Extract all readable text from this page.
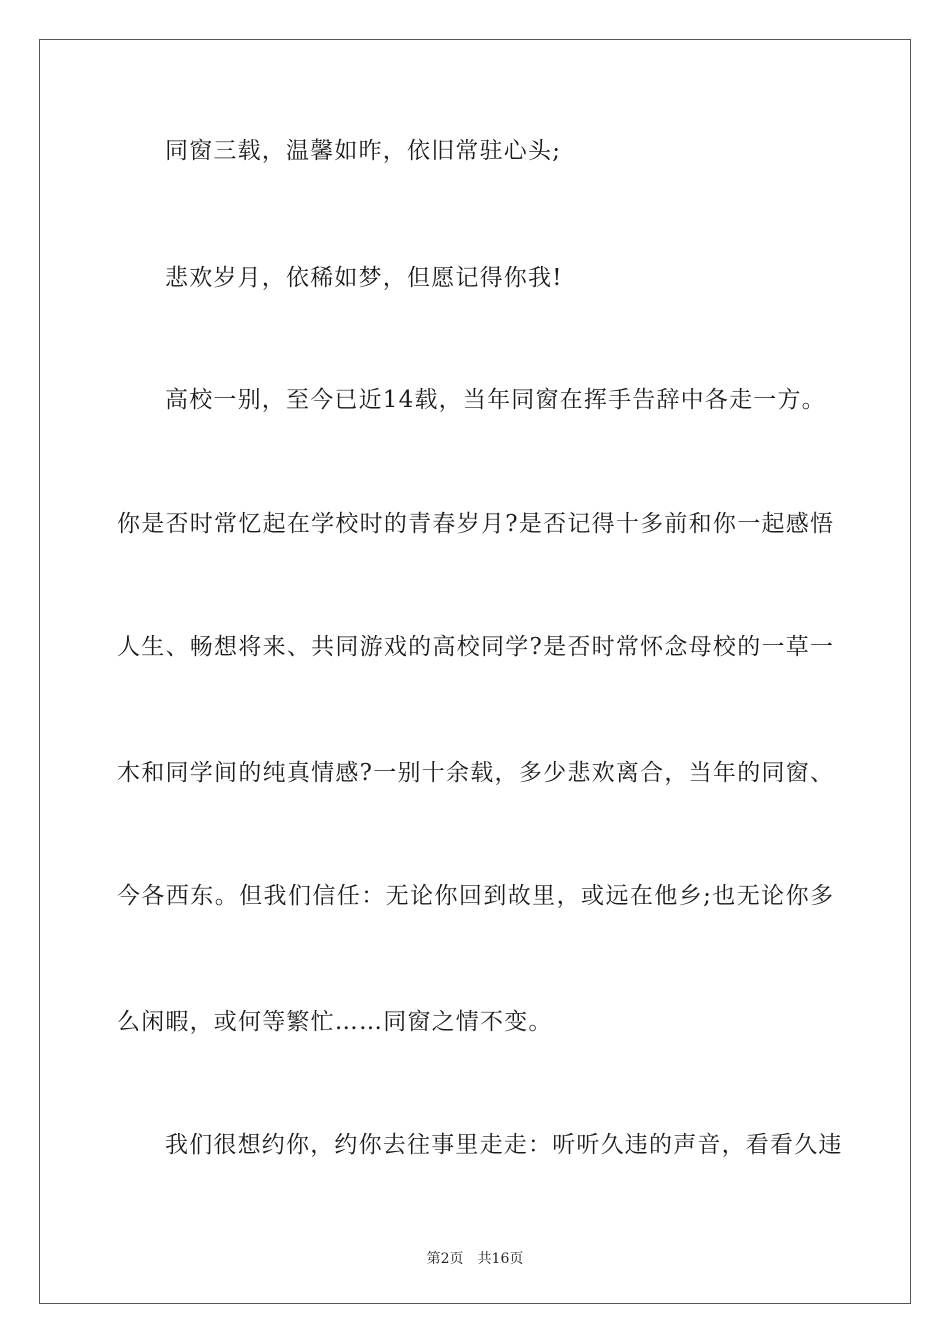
同窗三载，温馨如昨，依旧常驻心头;
悲欢岁月，依稀如梦，但愿记得你我!
高校一别，至今已近14载，当年同窗在挥手告辞中各走一方。
你是否时常忆起在学校时的青春岁月?是否记得十多前和你一起感悟
人生、畅想将来、共同游戏的高校同学?是否时常怀念母校的一草一
木和同学间的纯真情感?一别十余载，多少悲欢离合，当年的同窗、
今各西东。但我们信任：无论你回到故里，或远在他乡;也无论你多
么闲暇，或何等繁忙……同窗之情不变。
我们很想约你，约你去往事里走走：听听久违的声音，看看久违
第2页　共16页
